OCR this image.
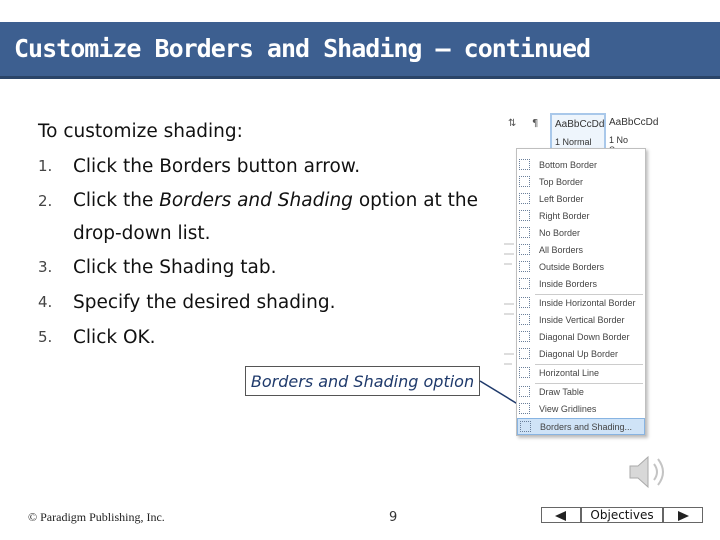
Customize Borders and Shading – continued
To customize shading:
1.	Click the Borders button arrow.
2.	Click the Borders and Shading option at the drop-down list.
3.	Click the Shading tab.
4.	Specify the desired shading.
5.	Click OK.
Borders and Shading option
⇅ ¶ AaBbCcDd
1 Normal
AaBbCcDd
1 No
Bottom Border
Top Border
Left Border
Right Border
No Border
All Borders
Outside Borders
Inside Borders
Inside Horizontal Border
Inside Vertical Border
Diagonal Down Border
Diagonal Up Border
Horizontal Line
Draw Table
View Gridlines
Borders and Shading...
© Paradigm Publishing, Inc.	9	Objectives
